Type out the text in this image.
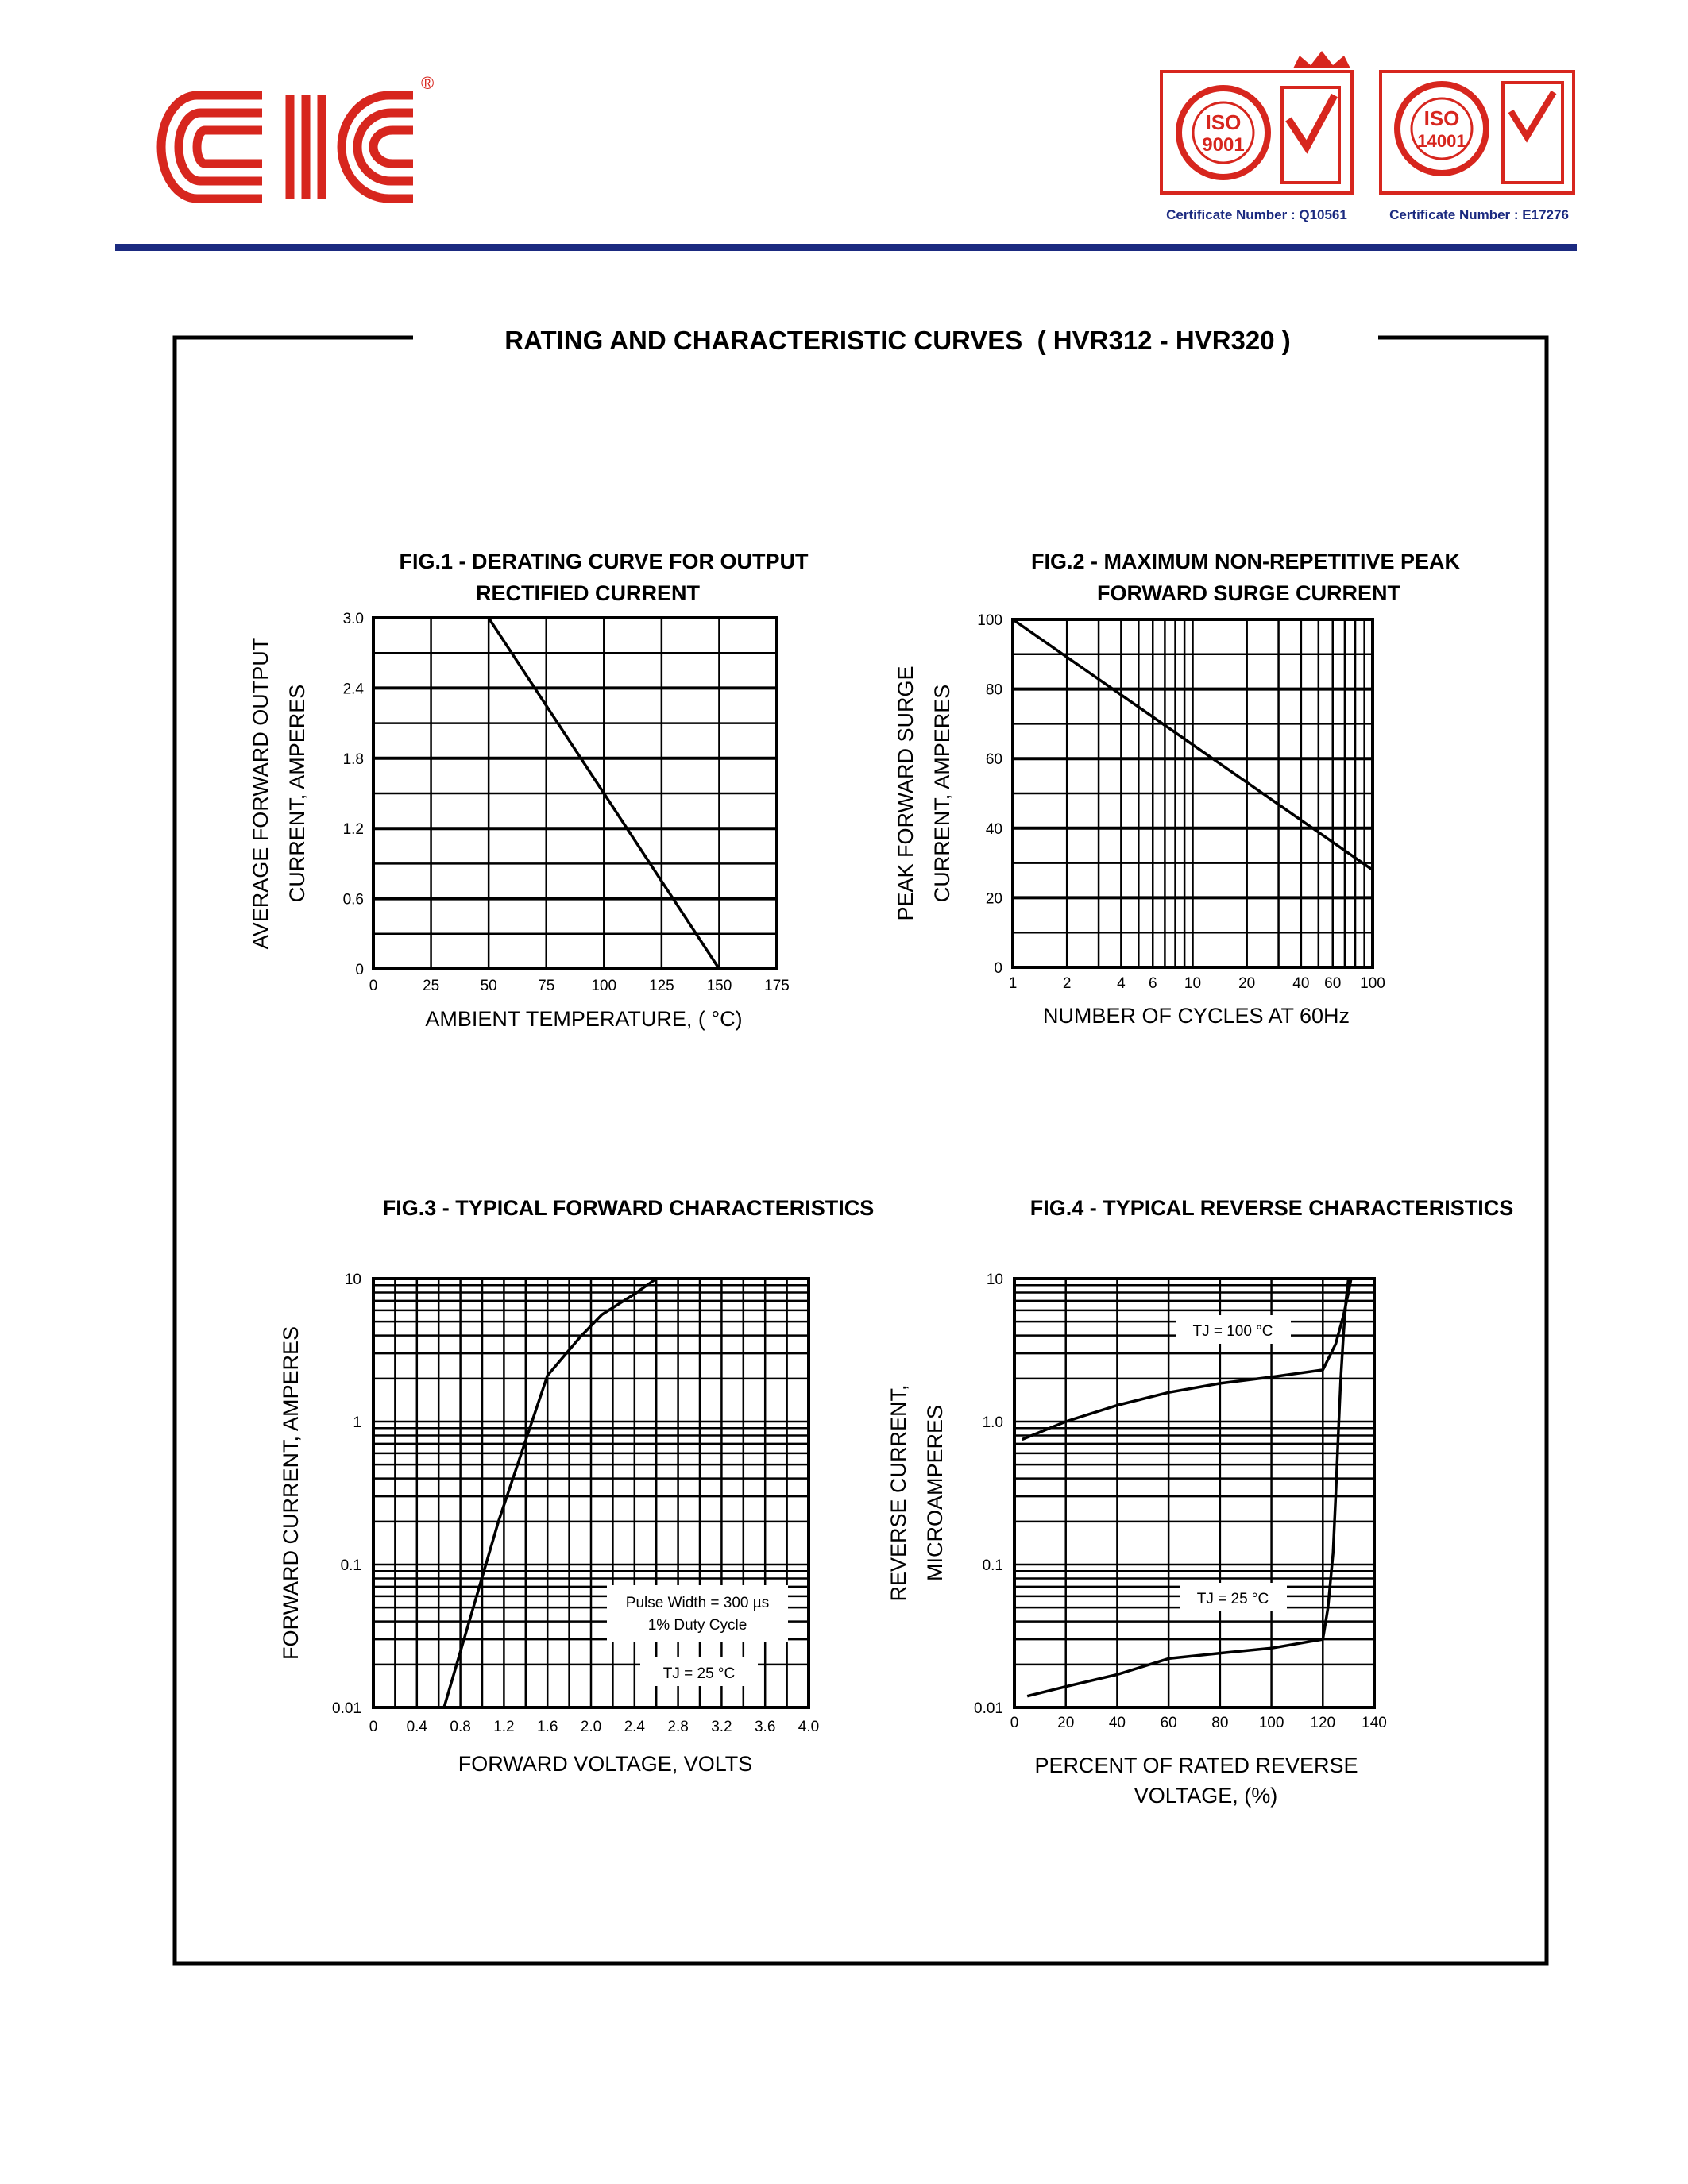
®
ISO
9001
Certificate Number : Q10561
ISO
14001
Certificate Number : E17276
RATING AND CHARACTERISTIC CURVES  ( HVR312 - HVR320 )
FIG.1 - DERATING CURVE FOR OUTPUT
RECTIFIED CURRENT
0	25	50	75 100 125 150 175
0
0.6
1.2
1.8
2.4
3.0
AMBIENT TEMPERATURE, ( °C)
AVERAGE FORWARD OUTPUT CURRENT, AMPERES
FIG.2 - MAXIMUM NON-REPETITIVE PEAK
FORWARD SURGE CURRENT
1	2	4 6 10 20 40 60 100
0
20
40
60
80
100
NUMBER OF CYCLES AT 60Hz
PEAK FORWARD SURGE CURRENT, AMPERES
FIG.3 - TYPICAL FORWARD CHARACTERISTICS
0 0.4 0.8 1.2 1.6 2.0 2.4 2.8 3.2 3.6 4.0
0.01
0.1
1
10
FORWARD VOLTAGE, VOLTS
FORWARD CURRENT, AMPERES	Pulse Width = 300 µs
1% Duty Cycle
TJ = 25 °C
FIG.4 - TYPICAL REVERSE CHARACTERISTICS
0	20 40 60 80 100 120 140
0.01
0.1
1.0
10
PERCENT OF RATED REVERSE
VOLTAGE, (%)
REVERSE CURRENT, MICROAMPERES
TJ = 100 °C
TJ = 25 °C
